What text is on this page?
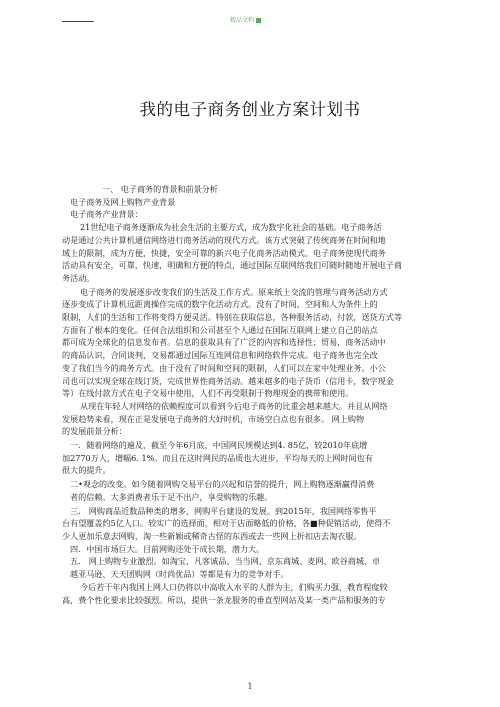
精品文档
我的电子商务创业方案计划书

一、 电子商务的背景和前景分析

电子商务及网上购物产业背景

电子商务产业背景：

21世纪电子商务逐渐成为社会生活的主要方式，成为数字化社会的基础。电子商务活

动是通过公共计算机通信网络进行商务活动的现代方式。该方式突破了传统商务在时间和地

域上的限制，成为方便，快捷，安全可靠的新兴电子化商务活动模式。电子商务使现代商务

活动具有安全，可靠，快速，明确和方便的特点，通过国际互联网络我们可随时随地开展电子商

务活动。

电子商务的发展逐步改变我们的生活及工作方式。原来纸上交流的管理与商务活动方式

逐步变成了计算机远距离操作完成的数字化活动方式。没有了时间，空间和人为条件上的

限制，人们的生活和工作将变得方便灵活。特别在获取信息，各种服务活动，付款，送货方式等

方面有了根本的变化。任何合法组织和公司甚至个人通过在国际互联网上建立自己的站点

都可成为全球化的信息发布者。信息的获取具有了广泛的内容和选择性；贸易，商务活动中

的商品认识，合同谈判，交易都通过国际互连网信息和网络软件完成。电子商务也完全改

变了我们当今的商务方式。由于没有了时间和空间的限制，人们可以在家中处理业务。小公

司也可以实现全球在线订货，完成世界性商务活动。越来越多的电子货币（信用卡，数字现金

等）在线付款方式在电子交易中使用，人们不再受限制于物理现金的携带和使用。

从现在年轻人对网络的依赖程度可以看到今后电子商务的比重会越来越大。并且从网络

发展趋势来看，现在正是发展电子商务的大好时机，市场空白点也有很多。 网上购物

的发展前景分析：

一．随着网络的遍及，截至今年6月底，中国网民规模达到4. 85亿，较2010年底增

加2770万人，增幅6. 1%。而且在这时网民的品质也大进步，平均每天的上网时间也有

很大的提升。

二•观念的改变。如今随着网购交易平台的兴起和信誉的提升，网上购物逐渐赢得消费

者的信赖。大多消费者乐于足不出户，享受购物的乐趣。

三． 网购商品近数品种类的增多，网购平台建设的发展。到2015年，我国网络零售平

台有望覆盖约5亿人口。较实广的选择面，相对于店面略低的价格，各■种促销活动，使得不

少人更加乐意去网购，淘一些新颖或稀奇古怪的东西或去一些网上折扣店去淘衣服。

四．中国市场巨大。目前网购还处于成长期，潜力大。

五． 网上购物专业激烈。如淘宝、凡客诚品、当当网、京东商城、麦网、欧谷商城、卓

越亚马逊、天天团购网（时尚优品）等都是有力的竞争对手。

今后若干年内我国上网人口仍将以中高收入水平的人群为主，们购买力强，教育程度较

高，费个性化要求比较强烈。所以，提供一条龙服务的垂直型网站及某一类产品和服务的专

1
